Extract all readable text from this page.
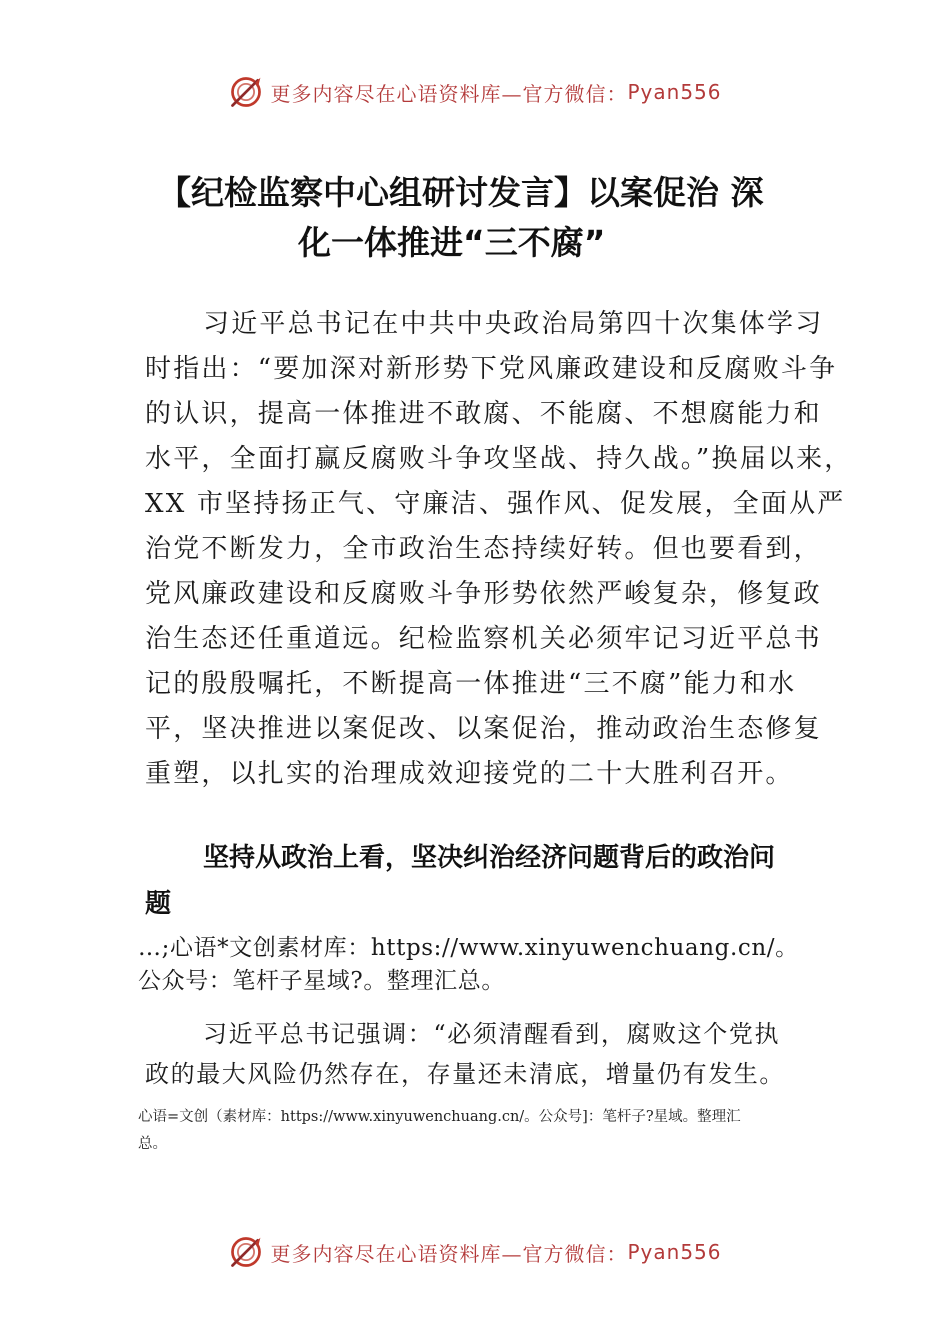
更多内容尽在心语资料库—官方微信： Pyan556
【纪检监察中心组研讨发言】以案促治 深
化一体推进“三不腐”
习近平总书记在中共中央政治局第四十次集体学习
时指出：“要加深对新形势下党风廉政建设和反腐败斗争
的认识，提高一体推进不敢腐、不能腐、不想腐能力和
水平，全面打赢反腐败斗争攻坚战、持久战。”换届以来，
XX 市坚持扬正气、守廉洁、强作风、促发展，全面从严
治党不断发力，全市政治生态持续好转。但也要看到，
党风廉政建设和反腐败斗争形势依然严峻复杂，修复政
治生态还任重道远。纪检监察机关必须牢记习近平总书
记的殷殷嘱托，不断提高一体推进“三不腐”能力和水
平，坚决推进以案促改、以案促治，推动政治生态修复
重塑，以扎实的治理成效迎接党的二十大胜利召开。
坚持从政治上看，坚决纠治经济问题背后的政治问
题
…;心语*文创素材库：https://www.xinyuwenchuang.cn/。
公众号：笔杆子星域?。整理汇总。
习近平总书记强调：“必须清醒看到，腐败这个党执
政的最大风险仍然存在，存量还未清底，增量仍有发生。
心语=文创（素材库：https://www.xinyuwenchuang.cn/。公众号]：笔杆子?星域。整理汇
总。
更多内容尽在心语资料库—官方微信： Pyan556
